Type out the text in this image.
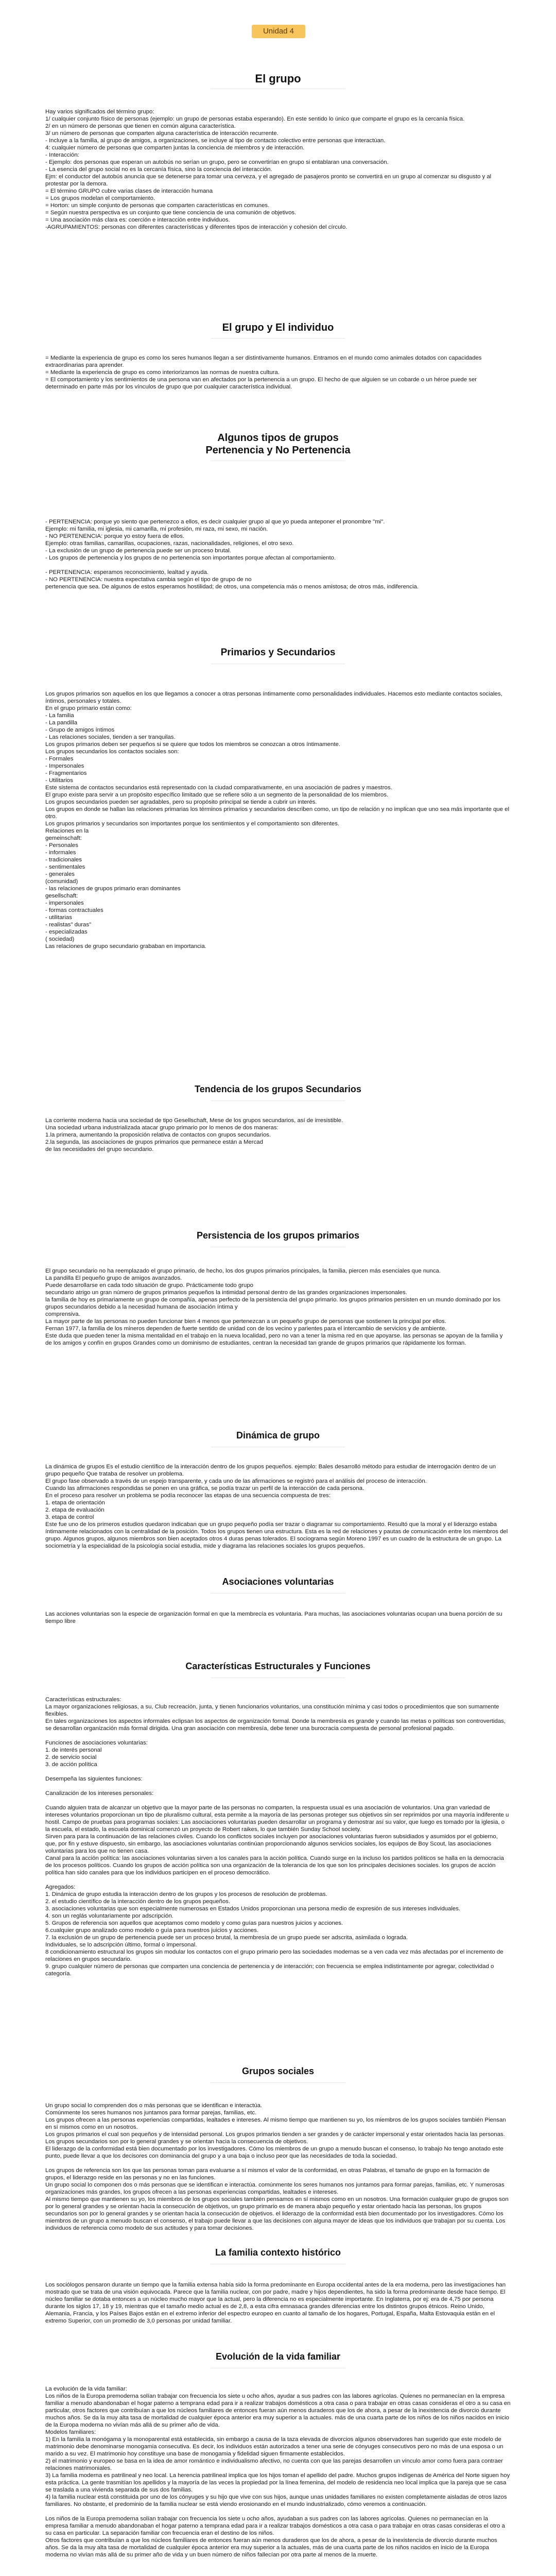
Unidad 4
El grupo
Hay varios significados del término grupo:
1/ cualquier conjunto físico de personas (ejemplo: un grupo de personas estaba esperando). En este sentido lo único que comparte el grupo es la cercanía física.
2/ en un número de personas que tienen en común alguna característica.
3/ un número de personas que comparten alguna característica de interacción recurrente.
- Incluye a la familia, al grupo de amigos, a organizaciones, se incluye al tipo de contacto colectivo entre personas que interactúan.
4: cualquier número de personas que comparten juntas la conciencia de miembros y de interacción.
- Interacción:
- Ejemplo: dos personas que esperan un autobús no serían un grupo, pero se convertirían en grupo si entablaran una conversación.
- La esencia del grupo social no es la cercanía física, sino la conciencia del interacción.
Ejm: el conductor del autobús anuncia que se detenerse para tomar una cerveza, y el agregado de pasajeros pronto se convertirá en un grupo al comenzar su disgusto y al protestar por la demora.
= El término GRUPO cubre varias clases de interacción humana
= Los grupos modelan el comportamiento.
= Horton: un simple conjunto de personas que comparten características en comunes.
= Según nuestra perspectiva es un conjunto que tiene conciencia de una comunión de objetivos.
= Una asociación más clara es: coerción e interacción entre individuos.
-AGRUPAMIENTOS: personas con diferentes características y diferentes tipos de interacción y cohesión del círculo.
El grupo y El individuo
= Mediante la experiencia de grupo es como los seres humanos llegan a ser distintivamente humanos. Entramos en el mundo como animales dotados con capacidades extraordinarias para aprender.
= Mediante la experiencia de grupo es como interiorizamos las normas de nuestra cultura.
= El comportamiento y los sentimientos de una persona van en afectados por la pertenencia a un grupo. El hecho de que alguien se un cobarde o un héroe puede ser determinado en parte más por los vínculos de grupo que por cualquier característica individual.
Algunos tipos de grupos
Pertenencia y No Pertenencia
- PERTENENCIA: porque yo siento que pertenezco a ellos, es decir cualquier grupo al que yo pueda anteponer el pronombre "mi".
Ejemplo: mi familia, mi iglesia, mi camarilla, mi profesión, mi raza, mi sexo, mi nación.
- NO PERTENENCIA: porque yo estoy fuera de ellos.
Ejemplo: otras familias, camarillas, ocupaciones, razas, nacionalidades, religiones, el otro sexo.
- La exclusión de un grupo de pertenencia puede ser un proceso brutal.
- Los grupos de pertenencia y los grupos de no pertenencia son importantes porque afectan al comportamiento.

- PERTENENCIA: esperamos reconocimiento, lealtad y ayuda.
- NO PERTENENCIA: nuestra expectativa cambia según el tipo de grupo de no
pertenencia que sea. De algunos de estos esperamos hostilidad; de otros, una competencia más o menos amistosa; de otros más, indiferencia.
Primarios y Secundarios
Los grupos primarios son aquellos en los que llegamos a conocer a otras personas íntimamente como personalidades individuales. Hacemos esto mediante contactos sociales, íntimos, personales y totales.
En el grupo primario están como:
- La familia
- La pandilla
- Grupo de amigos íntimos
- Las relaciones sociales, tienden a ser tranquilas.
Los grupos primarios deben ser pequeños si se quiere que todos los miembros se conozcan a otros íntimamente.
Los grupos secundarios los contactos sociales son:
- Formales
- Impersonales
- Fragmentarios
- Utilitarios
Este sistema de contactos secundarios está representado con la ciudad comparativamente, en una asociación de padres y maestros.
El grupo existe para servir a un propósito específico limitado que se refiere sólo a un segmento de la personalidad de los miembros.
Los grupos secundarios pueden ser agradables, pero su propósito principal se tiende a cubrir un interés.
Los grupos en donde se hallan las relaciones primarias los términos primarios y secundarios describen como, un tipo de relación y no implican que uno sea más importante que el otro.
Los grupos primarios y secundarios son importantes porque los sentimientos y el comportamiento son diferentes.
Relaciones en la
gemeinschaft:
- Personales
- informales
- tradicionales
- sentimentales
- generales
(comunidad)
- las relaciones de grupos primario eran dominantes
gesellschaft:
- impersonales
- formas contractuales
- utilitarias
- realistas" duras"
- especializadas
( sociedad)
Las relaciones de grupo secundario grababan en importancia.
Tendencia de los grupos Secundarios
La corriente moderna hacia una sociedad de tipo Gesellschaft, Mese de los grupos secundarios, así de irresistible.
Una sociedad urbana industrializada atacar grupo primario por lo menos de dos maneras:
1.la primera, aumentando la proposición relativa de contactos con grupos secundarios.
2.la segunda, las asociaciones de grupos primarios que permanece están a Mercad
de las necesidades del grupo secundario.
Persistencia de los grupos primarios
El grupo secundario no ha reemplazado el grupo primario, de hecho, los dos grupos primarios principales, la familia, piercen más esenciales que nunca.
La pandilla El pequeño grupo de amigos avanzados.
Puede desarrollarse en cada todo situación de grupo. Prácticamente todo grupo
secundario atrigo un gran número de grupos primarios pequeños la intimidad personal dentro de las grandes organizaciones impersonales.
la familia de hoy es primariamente un grupo de compañía, apenas perfecto de la persistencia del grupo primario. los grupos primarios persisten en un mundo dominado por los grupos secundarios debido a la necesidad humana de asociación íntima y
comprensiva.
La mayor parte de las personas no pueden funcionar bien 4 menos que pertenezcan a un pequeño grupo de personas que sostienen la principal por ellos.
Fernan 1977, la familia de los mineros dependen de fuerte sentido de unidad con de los vecino y parientes para el intercambio de servicios y de ambiente.
Este duda que pueden tener la misma mentalidad en el trabajo en la nueva localidad, pero no van a tener la misma red en que apoyarse. las personas se apoyan de la familia y de los amigos y confín en grupos Grandes como un dominismo de estudiantes, centran la necesidad tan grande de grupos primarios que rápidamente los forman.
Dinámica de grupo
La dinámica de grupos Es el estudio científico de la interacción dentro de los grupos pequeños. ejemplo: Bales desarrolló método para estudiar de interrogación dentro de un grupo pequeño Que trataba de resolver un problema.
El grupo fase observado a través de un espejo transparente, y cada uno de las afirmaciones se registró para el análisis del proceso de interacción.
Cuando las afirmaciones respondidas se ponen en una gráfica, se podía trazar un perfil de la interacción de cada persona.
En el proceso para resolver un problema se podía reconocer las etapas de una secuencia compuesta de tres:
1. etapa de orientación
2. etapa de evaluación
3. etapa de control
Este fue uno de los primeros estudios quedaron indicaban que un grupo pequeño podía ser trazar o diagramar su comportamiento. Resultó que la moral y el liderazgo estaba íntimamente relacionados con la centralidad de la posición. Todos los grupos tienen una estructura. Esta es la red de relaciones y pautas de comunicación entre los miembros del grupo. Algunos grupos, algunos miembros son bien aceptados otros 4 duras penas tolerados. El sociograma según Moreno 1997 es un cuadro de la estructura de un grupo. La sociometría y la especialidad de la psicología social estudia, mide y diagrama las relaciones sociales los grupos pequeños.
Asociaciones voluntarias
Las acciones voluntarias son la especie de organización formal en que la membrecía es voluntaria. Para muchas, las asociaciones voluntarias ocupan una buena porción de su tiempo libre
Características Estructurales y Funciones
Características estructurales:
La mayor organizaciones religiosas, a su, Club recreación, junta, y tienen funcionarios voluntarios, una constitución mínima y casi todos o procedimientos que son sumamente flexibles.
En tales organizaciones los aspectos informales eclipsan los aspectos de organización formal. Donde la membresía es grande y cuando las metas o políticas son controvertidas, se desarrollan organización más formal dirigida. Una gran asociación con membresía, debe tener una burocracia compuesta de personal profesional pagado.

Funciones de asociaciones voluntarias:
1. de interés personal
2. de servicio social
3. de acción política

Desempeña las siguientes funciones:

Canalización de los intereses personales:

Cuando alguien trata de alcanzar un objetivo que la mayor parte de las personas no comparten, la respuesta usual es una asociación de voluntarios. Una gran variedad de intereses voluntarios proporcionan un tipo de pluralismo cultural, esta permite a la mayoría de las personas proteger sus objetivos sin ser reprimidos por una mayoría indiferente u hostil. Campo de pruebas para programas sociales: Las asociaciones voluntarias pueden desarrollar un programa y demostrar así su valor, que luego es tomado por la iglesia, o la escuela, el estado, la escuela dominical comenzó un proyecto de Robert raikes, lo que también Sunday School society.
Sirven para para la continuación de las relaciones civiles. Cuando los conflictos sociales incluyen por asociaciones voluntarias fueron subsidiados y asumidos por el gobierno, que, por fin y estuve dispuesto, sin embargo, las asociaciones voluntarias continúan proporcionando algunos servicios sociales, los equipos de Boy Scout, las asociaciones voluntarias para los que no tienen casa.
Canal para la acción política: las asociaciones voluntarias sirven a los canales para la acción política. Cuando surge en la incluso los partidos políticos se halla en la democracia de los procesos políticos. Cuando los grupos de acción política son una organización de la tolerancia de los que son los principales decisiones sociales. los grupos de acción política han sido canales para que los individuos participen en el proceso democrático.

Agregados:
1. Dinámica de grupo estudia la interacción dentro de los grupos y los procesos de resolución de problemas.
2. el estudio científico de la interacción dentro de los grupos pequeños.
3. asociaciones voluntarias que son especialmente numerosas en Estados Unidos proporcionan una persona medio de expresión de sus intereses individuales.
4. son un reglás voluntariamente por adscripción.
5. Grupos de referencia son aquellos que aceptamos como modelo y como guías para nuestros juicios y acciones.
6.cualquier grupo analizado como modelo o guía para nuestros juicios y acciones.
7. la exclusión de un grupo de pertenencia puede ser un proceso brutal, la membresía de un grupo puede ser adscrita, asimilada o lograda.
Individuales, se lo adscripción último, formal o impersonal.
8 condicionamiento estructural los grupos sin modular los contactos con el grupo primario pero las sociedades modernas se a ven cada vez más afectadas por el incremento de relaciones en grupos secundario.
9. grupo cualquier número de personas que comparten una conciencia de pertenencia y de interacción; con frecuencia se emplea indistintamente por agregar, colectividad o categoría.
Grupos sociales
Un grupo social lo comprenden dos o más personas que se identifican e interactúa.
Comúnmente los seres humanos nos juntamos para formar parejas, familias, etc.
Los grupos ofrecen a las personas experiencias compartidas, lealtades e intereses. Al mismo tiempo que mantienen su yo, los miembros de los grupos sociales también Piensan en sí mismos como en un nosotros.
Los grupos primarios el cual son pequeños y de intensidad personal. Los grupos primarios tienden a ser grandes y de carácter impersonal y estar orientados hacia las personas.
Los grupos secundarios son por lo general grandes y se orientan hacia la consecuencia de objetivos.
El liderazgo de la conformidad está bien documentado por los investigadores. Cómo los miembros de un grupo a menudo buscan el consenso, lo trabajo No tengo anotado este punto, puede llevar a que los decisores con dominancia del grupo y a una baja o incluso peor que las necesidades de toda la sociedad.

Los grupos de referencia son los que las personas toman para evaluarse a sí mismos el valor de la conformidad, en otras Palabras, el tamaño de grupo en la formación de grupos, el liderazgo reside en las personas y no en las funciones.
Un grupo social lo componen dos o más personas que se identifican e interactúa. comúnmente los seres humanos nos juntamos para formar parejas, familias, etc. Y numerosas organizaciones más grandes, los grupos ofrecen a las personas experiencias compartidas, lealtades e intereses.
Al mismo tiempo que mantienen su yo, los miembros de los grupos sociales también pensamos en sí mismos como en un nosotros. Una formación cualquier grupo de grupos son por lo general grandes y se orientan hacia la consecución de objetivos, un grupo primario es de manera abajo pequeño y estar orientado hacia las personas, los grupos secundarios son por lo general grandes y se orientan hacia la consecución de objetivos. el liderazgo de la conformidad está bien documentado por los investigadores. Cómo los miembros de un grupo a menudo buscan el consenso, el trabajo puede llevar a que las decisiones con alguna mayor de ideas que los individuos que trabajan por su cuenta. Los individuos de referencia como modelo de sus actitudes y para tomar decisiones.
La familia contexto histórico
Los sociólogos pensaron durante un tiempo que la familia extensa había sido la forma predominante en Europa occidental antes de la era moderna, pero las investigaciones han mostrado que se trata de una visión equivocada. Parece que la familia nuclear, con por padre, madre y hijos dependientes, ha sido la forma predominante desde hace tiempo. El núcleo familiar se dotaba entonces a un núcleo mucho mayor que la actual, pero la diferencia no es especialmente importante. En Inglaterra, por ej: era de 4,75 por persona durante los siglos 17, 18 y 19, mientras que el tamaño medio actual es de 2,8, a esta cifra emnasaca grandes diferencias entre los distintos grupos étnicos. Reino Unido, Alemania, Francia, y los Países Bajos están en el extremo inferior del espectro europeo en cuanto al tamaño de los hogares, Portugal, España, Malta Estovaquia están en el extremo Superior, con un promedio de 3,0 personas por unidad familiar.
Evolución de la vida familiar
La evolución de la vida familiar:
Los niños de la Europa premoderna solían trabajar con frecuencia los siete u ocho años, ayudar a sus padres con las labores agrícolas. Quienes no permanecían en la empresa familiar a menudo abandonaban el hogar paterno a temprana edad para ir a realizar trabajos domésticos a otra casa o para trabajar en otras casas consideras el otro a su casa en particular, otros factores que contribuían a que los núcleos familiares de entonces fueran aún menos duraderos que los de ahora, a pesar de la inexistencia de divorcio durante muchos años. Se da la muy alta tasa de mortalidad de cualquier época anterior era muy superior a la actuales. más de una cuarta parte de los niños de los niños nacidos en inicio de la Europa moderna no vivían más allá de su primer año de vida.
Modelos familiares:
1) En la familia la monógama y la monoparental está establecida, sin embargo a causa de la taza elevada de divorcios algunos observadores han sugerido que este modelo de matrimonio debe denominarse monogamia consecutiva. Es decir, los individuos están autorizados a tener una serie de cónyuges consecutivos pero no más de una esposa o un marido a su vez. El matrimonio hoy constituye una base de monogamia y fidelidad siguen firmamente establecidos.
2) el matrimonio y europeo se basa en la idea de amor romántico e individualismo afectivo, no cuenta con que las parejas desarrollen un vínculo amor como fuera para contraer relaciones matrimoniales.
3) La familia moderna es patrilineal y neo local. La herencia patrilineal implica que los hijos toman el apellido del padre. Muchos grupos indígenas de América del Norte siguen hoy esta práctica. La gente trasmitían los apellidos y la mayoría de las veces la propiedad por la línea femenina, del modelo de residencia neo local implica que la pareja que se casa se traslada a una vivienda separada de sus dos familias.
4) la familia nuclear está constituida por uno de los cónyuges y su hijo que vive con sus hijos, aunque unas unidades familiares no existen completamente aisladas de otros lazos familiares. No obstante, el predominio de la familia nuclear se está viendo erosionando en el mundo industrializado, cómo veremos a continuación.

Los niños de la Europa premoderna solían trabajar con frecuencia los siete u ocho años, ayudaban a sus padres con las labores agrícolas. Quienes no permanecían en la empresa familiar a menudo abandonaban el hogar paterno a temprana edad para ir a realizar trabajos domésticos a otra casa o para trabajar en otras casas consideras el otro a su casa en particular. La separación familiar con frecuencia eran el destino de los niños.
Otros factores que contribuían a que los núcleos familiares de entonces fueran aún menos duraderos que los de ahora, a pesar de la inexistencia de divorcio durante muchos años. Se da la muy alta tasa de mortalidad de cualquier época anterior era muy superior a la actuales, más de una cuarta parte de los niños nacidos en inicio de la Europa moderna no vivían más allá de su primer año de vida y un buen número de niños fallecían por otra parte al menos de la muerte.
